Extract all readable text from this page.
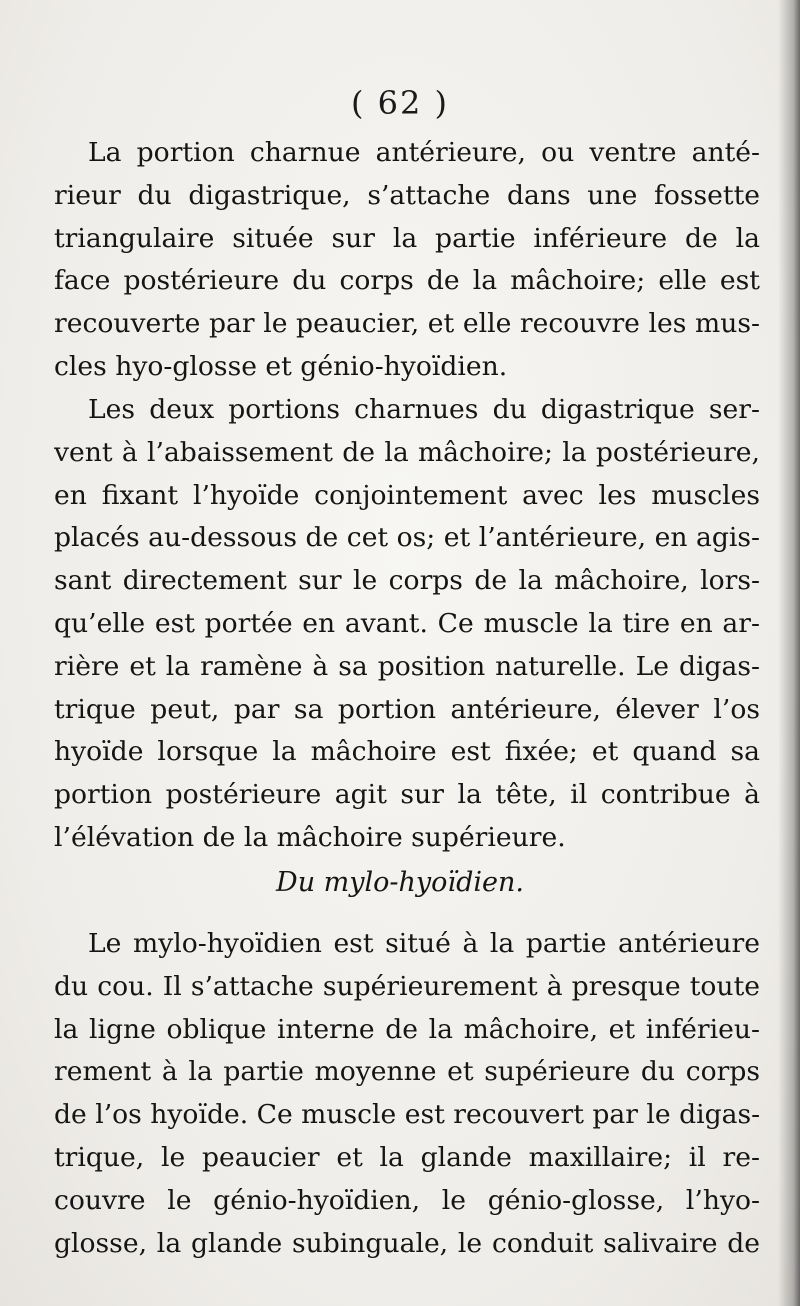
( 62 )
La portion charnue antérieure, ou ventre anté-
rieur du digastrique, s’attache dans une fossette
triangulaire située sur la partie inférieure de la
face postérieure du corps de la mâchoire; elle est
recouverte par le peaucier, et elle recouvre les mus-
cles hyo-glosse et génio-hyoïdien.
Les deux portions charnues du digastrique ser-
vent à l’abaissement de la mâchoire; la postérieure,
en fixant l’hyoïde conjointement avec les muscles
placés au-dessous de cet os; et l’antérieure, en agis-
sant directement sur le corps de la mâchoire, lors-
qu’elle est portée en avant. Ce muscle la tire en ar-
rière et la ramène à sa position naturelle. Le digas-
trique peut, par sa portion antérieure, élever l’os
hyoïde lorsque la mâchoire est fixée; et quand sa
portion postérieure agit sur la tête, il contribue à
l’élévation de la mâchoire supérieure.
Du mylo-hyoïdien.
Le mylo-hyoïdien est situé à la partie antérieure
du cou. Il s’attache supérieurement à presque toute
la ligne oblique interne de la mâchoire, et inférieu-
rement à la partie moyenne et supérieure du corps
de l’os hyoïde. Ce muscle est recouvert par le digas-
trique, le peaucier et la glande maxillaire; il re-
couvre le génio-hyoïdien, le génio-glosse, l’hyo-
glosse, la glande subinguale, le conduit salivaire de
